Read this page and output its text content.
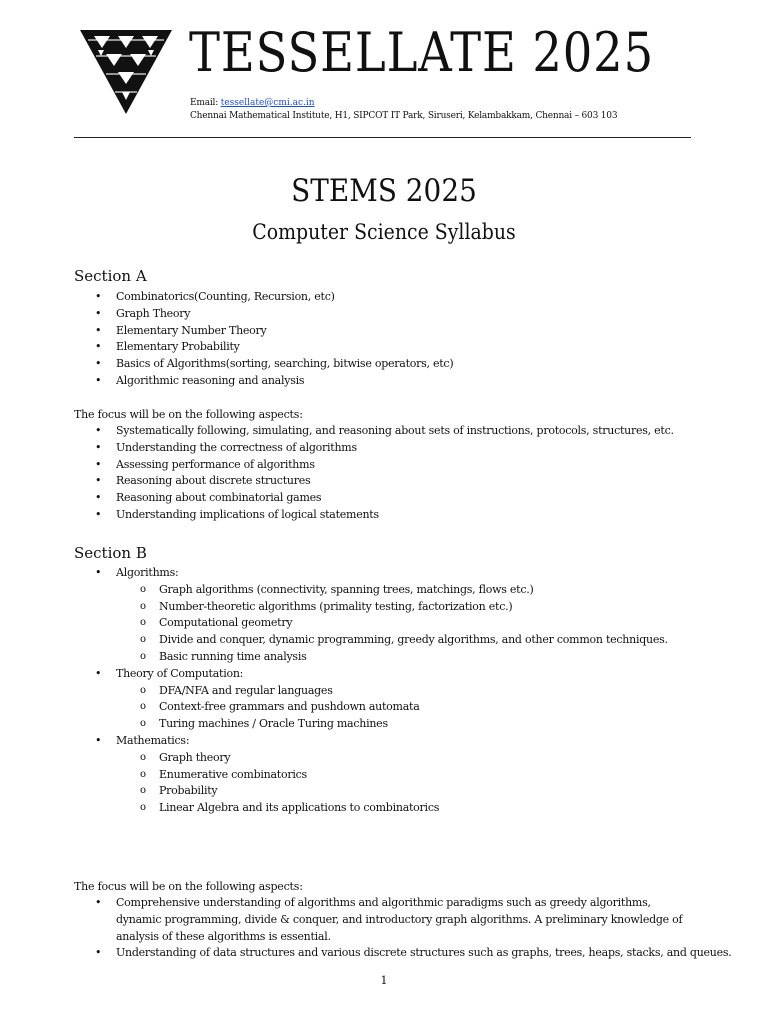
TESSELLATE 2025
Email: tessellate@cmi.ac.in
Chennai Mathematical Institute, H1, SIPCOT IT Park, Siruseri, Kelambakkam, Chennai – 603 103
STEMS 2025
Computer Science Syllabus
Section A
• Combinatorics(Counting, Recursion, etc)
• Graph Theory
• Elementary Number Theory
• Elementary Probability
• Basics of Algorithms(sorting, searching, bitwise operators, etc)
• Algorithmic reasoning and analysis
The focus will be on the following aspects:
• Systematically following, simulating, and reasoning about sets of instructions, protocols, structures, etc.
• Understanding the correctness of algorithms
• Assessing performance of algorithms
• Reasoning about discrete structures
• Reasoning about combinatorial games
• Understanding implications of logical statements
Section B
• Algorithms:
o Graph algorithms (connectivity, spanning trees, matchings, flows etc.)
o Number-theoretic algorithms (primality testing, factorization etc.)
o Computational geometry
o Divide and conquer, dynamic programming, greedy algorithms, and other common techniques.
o Basic running time analysis
• Theory of Computation:
o DFA/NFA and regular languages
o Context-free grammars and pushdown automata
o Turing machines / Oracle Turing machines
• Mathematics:
o Graph theory
o Enumerative combinatorics
o Probability
o Linear Algebra and its applications to combinatorics
The focus will be on the following aspects:
• Comprehensive understanding of algorithms and algorithmic paradigms such as greedy algorithms, dynamic programming, divide & conquer, and introductory graph algorithms. A preliminary knowledge of analysis of these algorithms is essential.
• Understanding of data structures and various discrete structures such as graphs, trees, heaps, stacks, and queues.
1
